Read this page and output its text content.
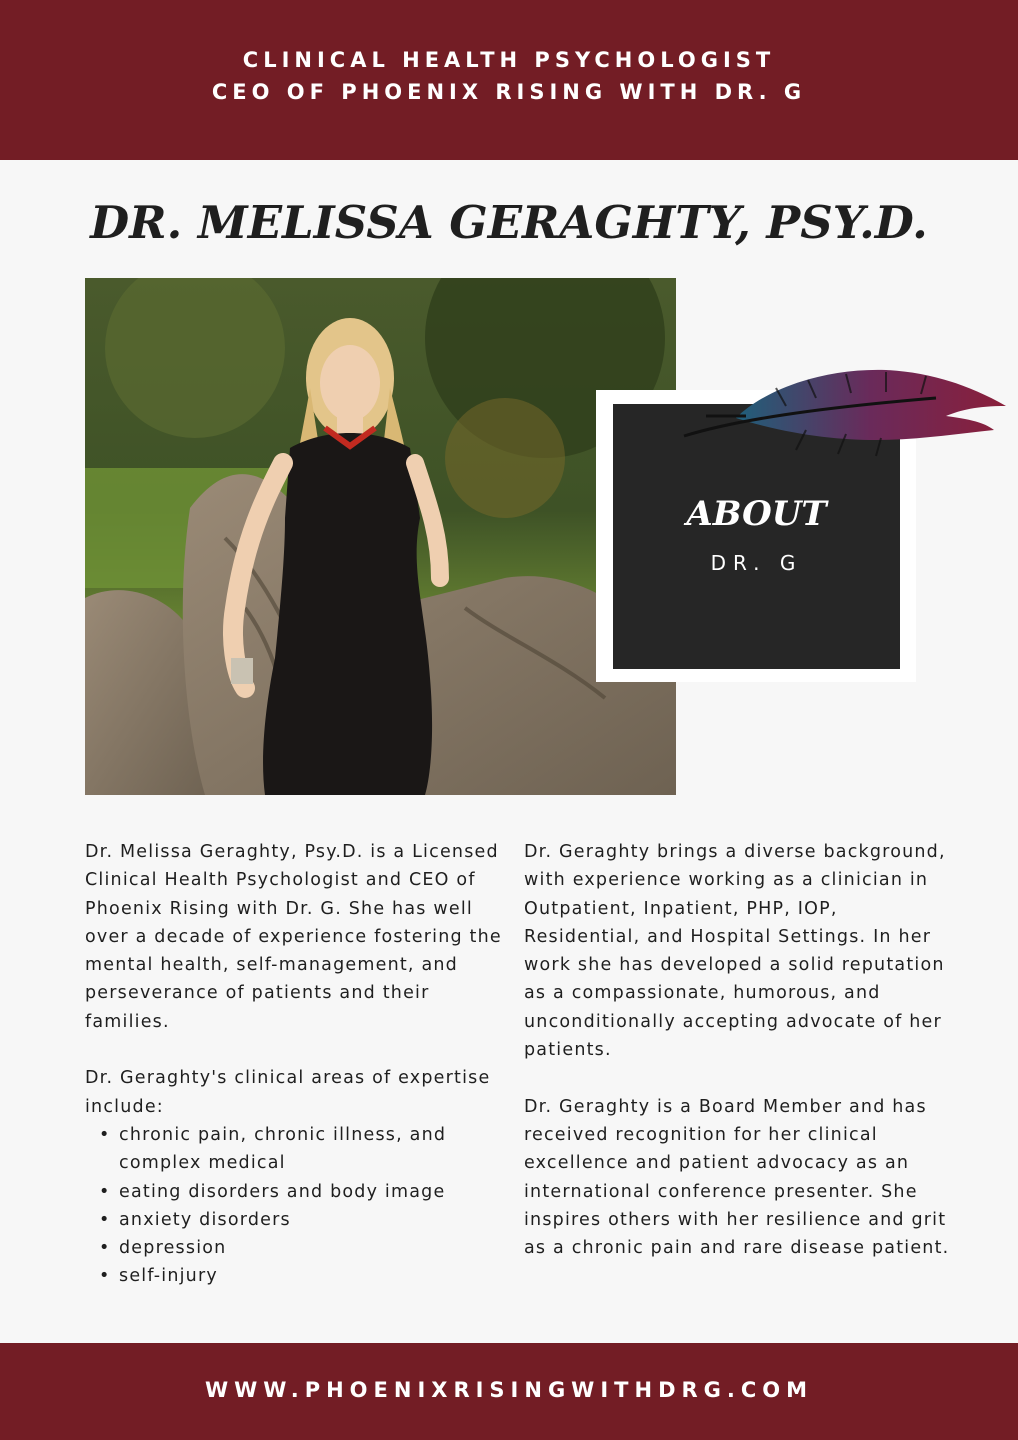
CLINICAL HEALTH PSYCHOLOGIST
CEO OF PHOENIX RISING WITH DR. G
DR. MELISSA GERAGHTY, PSY.D.
ABOUT
DR. G

Dr. Melissa Geraghty, Psy.D. is a Licensed Clinical Health Psychologist and CEO of Phoenix Rising with Dr. G. She has well over a decade of experience fostering the mental health, self-management, and perseverance of patients and their families.

Dr. Geraghty's clinical areas of expertise include:

• chronic pain, chronic illness, and complex medical
• eating disorders and body image
• anxiety disorders
• depression
• self-injury

Dr. Geraghty brings a diverse background, with experience working as a clinician in Outpatient, Inpatient, PHP, IOP, Residential, and Hospital Settings. In her work she has developed a solid reputation as a compassionate, humorous, and unconditionally accepting advocate of her patients.

Dr. Geraghty is a Board Member and has received recognition for her clinical excellence and patient advocacy as an international conference presenter. She inspires others with her resilience and grit as a chronic pain and rare disease patient.

WWW.PHOENIXRISINGWITHDRG.COM
